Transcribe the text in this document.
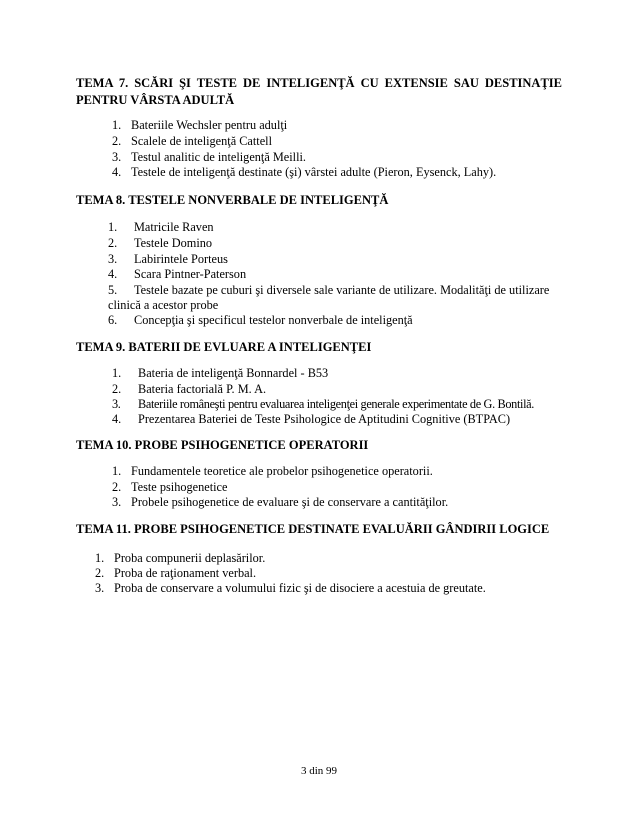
TEMA 7. SCĂRI ŞI TESTE DE INTELIGENŢĂ CU EXTENSIE SAU DESTINAŢIE PENTRU VÂRSTA ADULTĂ
1. Bateriile Wechsler pentru adulţi
2. Scalele de inteligenţă Cattell
3. Testul analitic de inteligenţă Meilli.
4. Testele de inteligenţă destinate (şi) vârstei adulte (Pieron, Eysenck, Lahy).
TEMA 8. TESTELE NONVERBALE DE INTELIGENŢĂ
1. Matricile Raven
2. Testele Domino
3. Labirintele Porteus
4. Scara Pintner-Paterson
5. Testele bazate pe cuburi şi diversele sale variante de utilizare. Modalităţi de utilizare
clinică a acestor probe
6. Concepţia şi specificul testelor nonverbale de inteligenţă
TEMA 9. BATERII DE EVLUARE A INTELIGENŢEI
1. Bateria de inteligenţă Bonnardel - B53
2. Bateria factorială P. M. A.
3. Bateriile româneşti pentru evaluarea inteligenţei generale experimentate de G. Bontilă.
4. Prezentarea Bateriei de Teste Psihologice de Aptitudini Cognitive (BTPAC)
TEMA 10. PROBE PSIHOGENETICE OPERATORII
1. Fundamentele teoretice ale probelor psihogenetice operatorii.
2. Teste psihogenetice
3. Probele psihogenetice de evaluare şi de conservare a cantităţilor.
TEMA 11. PROBE PSIHOGENETICE DESTINATE EVALUĂRII GÂNDIRII LOGICE
1. Proba compunerii deplasărilor.
2. Proba de raţionament verbal.
3. Proba de conservare a volumului fizic şi de disociere a acestuia de greutate.
3 din 99
